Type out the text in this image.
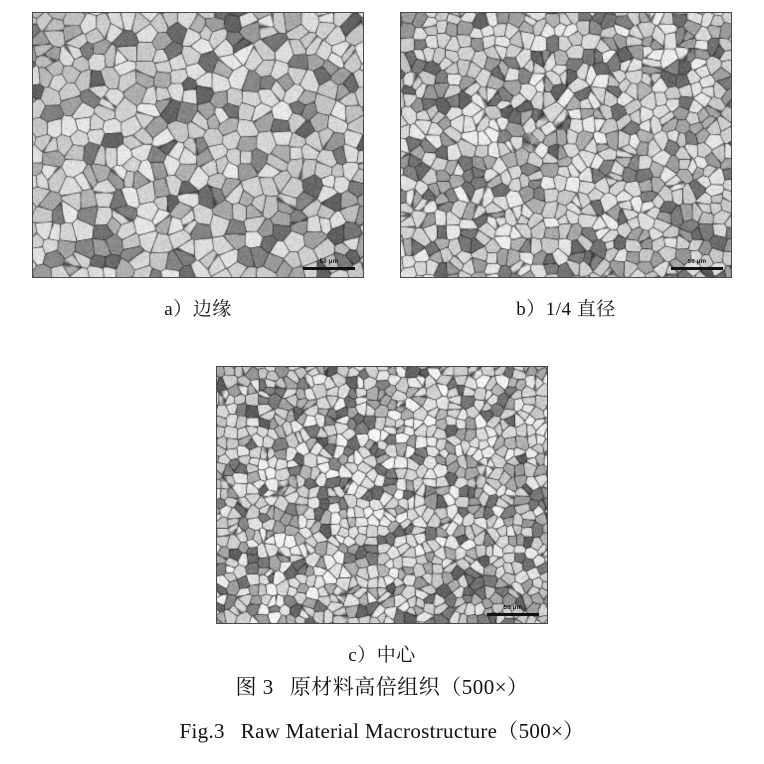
50 μm
a）边缘
50 μm
b）1/4 直径
50 μm
c）中心
图 3 原材料高倍组织（500×）
Fig.3 Raw Material Macrostructure（500×）
